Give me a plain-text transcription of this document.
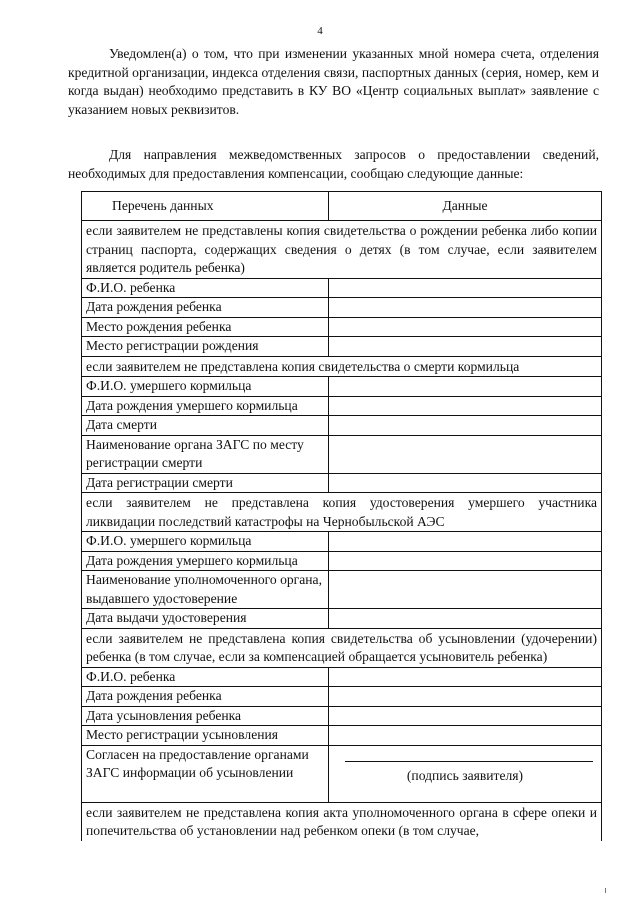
4
Уведомлен(а) о том, что при изменении указанных мной номера счета, отделения кредитной организации, индекса отделения связи, паспортных данных (серия, номер, кем и когда выдан) необходимо представить в КУ ВО «Центр социальных выплат» заявление с указанием новых реквизитов.
Для направления межведомственных запросов о предоставлении сведений, необходимых для предоставления компенсации, сообщаю следующие данные:
Перечень данных	Данные
если заявителем не представлены копия свидетельства о рождении ребенка либо копии страниц паспорта, содержащих сведения о детях (в том случае, если заявителем является родитель ребенка)	
Ф.И.О. ребенка	
Дата рождения ребенка	
Место рождения ребенка	
Место регистрации рождения	
если заявителем не представлена копия свидетельства о смерти кормильца	
Ф.И.О. умершего кормильца	
Дата рождения умершего кормильца	
Дата смерти	
Наименование органа ЗАГС по месту регистрации смерти	
Дата регистрации смерти	
если заявителем не представлена копия удостоверения умершего участника ликвидации последствий катастрофы на Чернобыльской АЭС	
Ф.И.О. умершего кормильца	
Дата рождения умершего кормильца	
Наименование уполномоченного органа, выдавшего удостоверение	
Дата выдачи удостоверения	
если заявителем не представлена копия свидетельства об усыновлении (удочерении) ребенка (в том случае, если за компенсацией обращается усыновитель ребенка)	
Ф.И.О. ребенка	
Дата рождения ребенка	
Дата усыновления ребенка	
Место регистрации усыновления	
Согласен на предоставление органами ЗАГС информации об усыновлении	(подпись заявителя)

если заявителем не представлена копия акта уполномоченного органа в сфере опеки и попечительства об установлении над ребенком опеки (в том случае,	
